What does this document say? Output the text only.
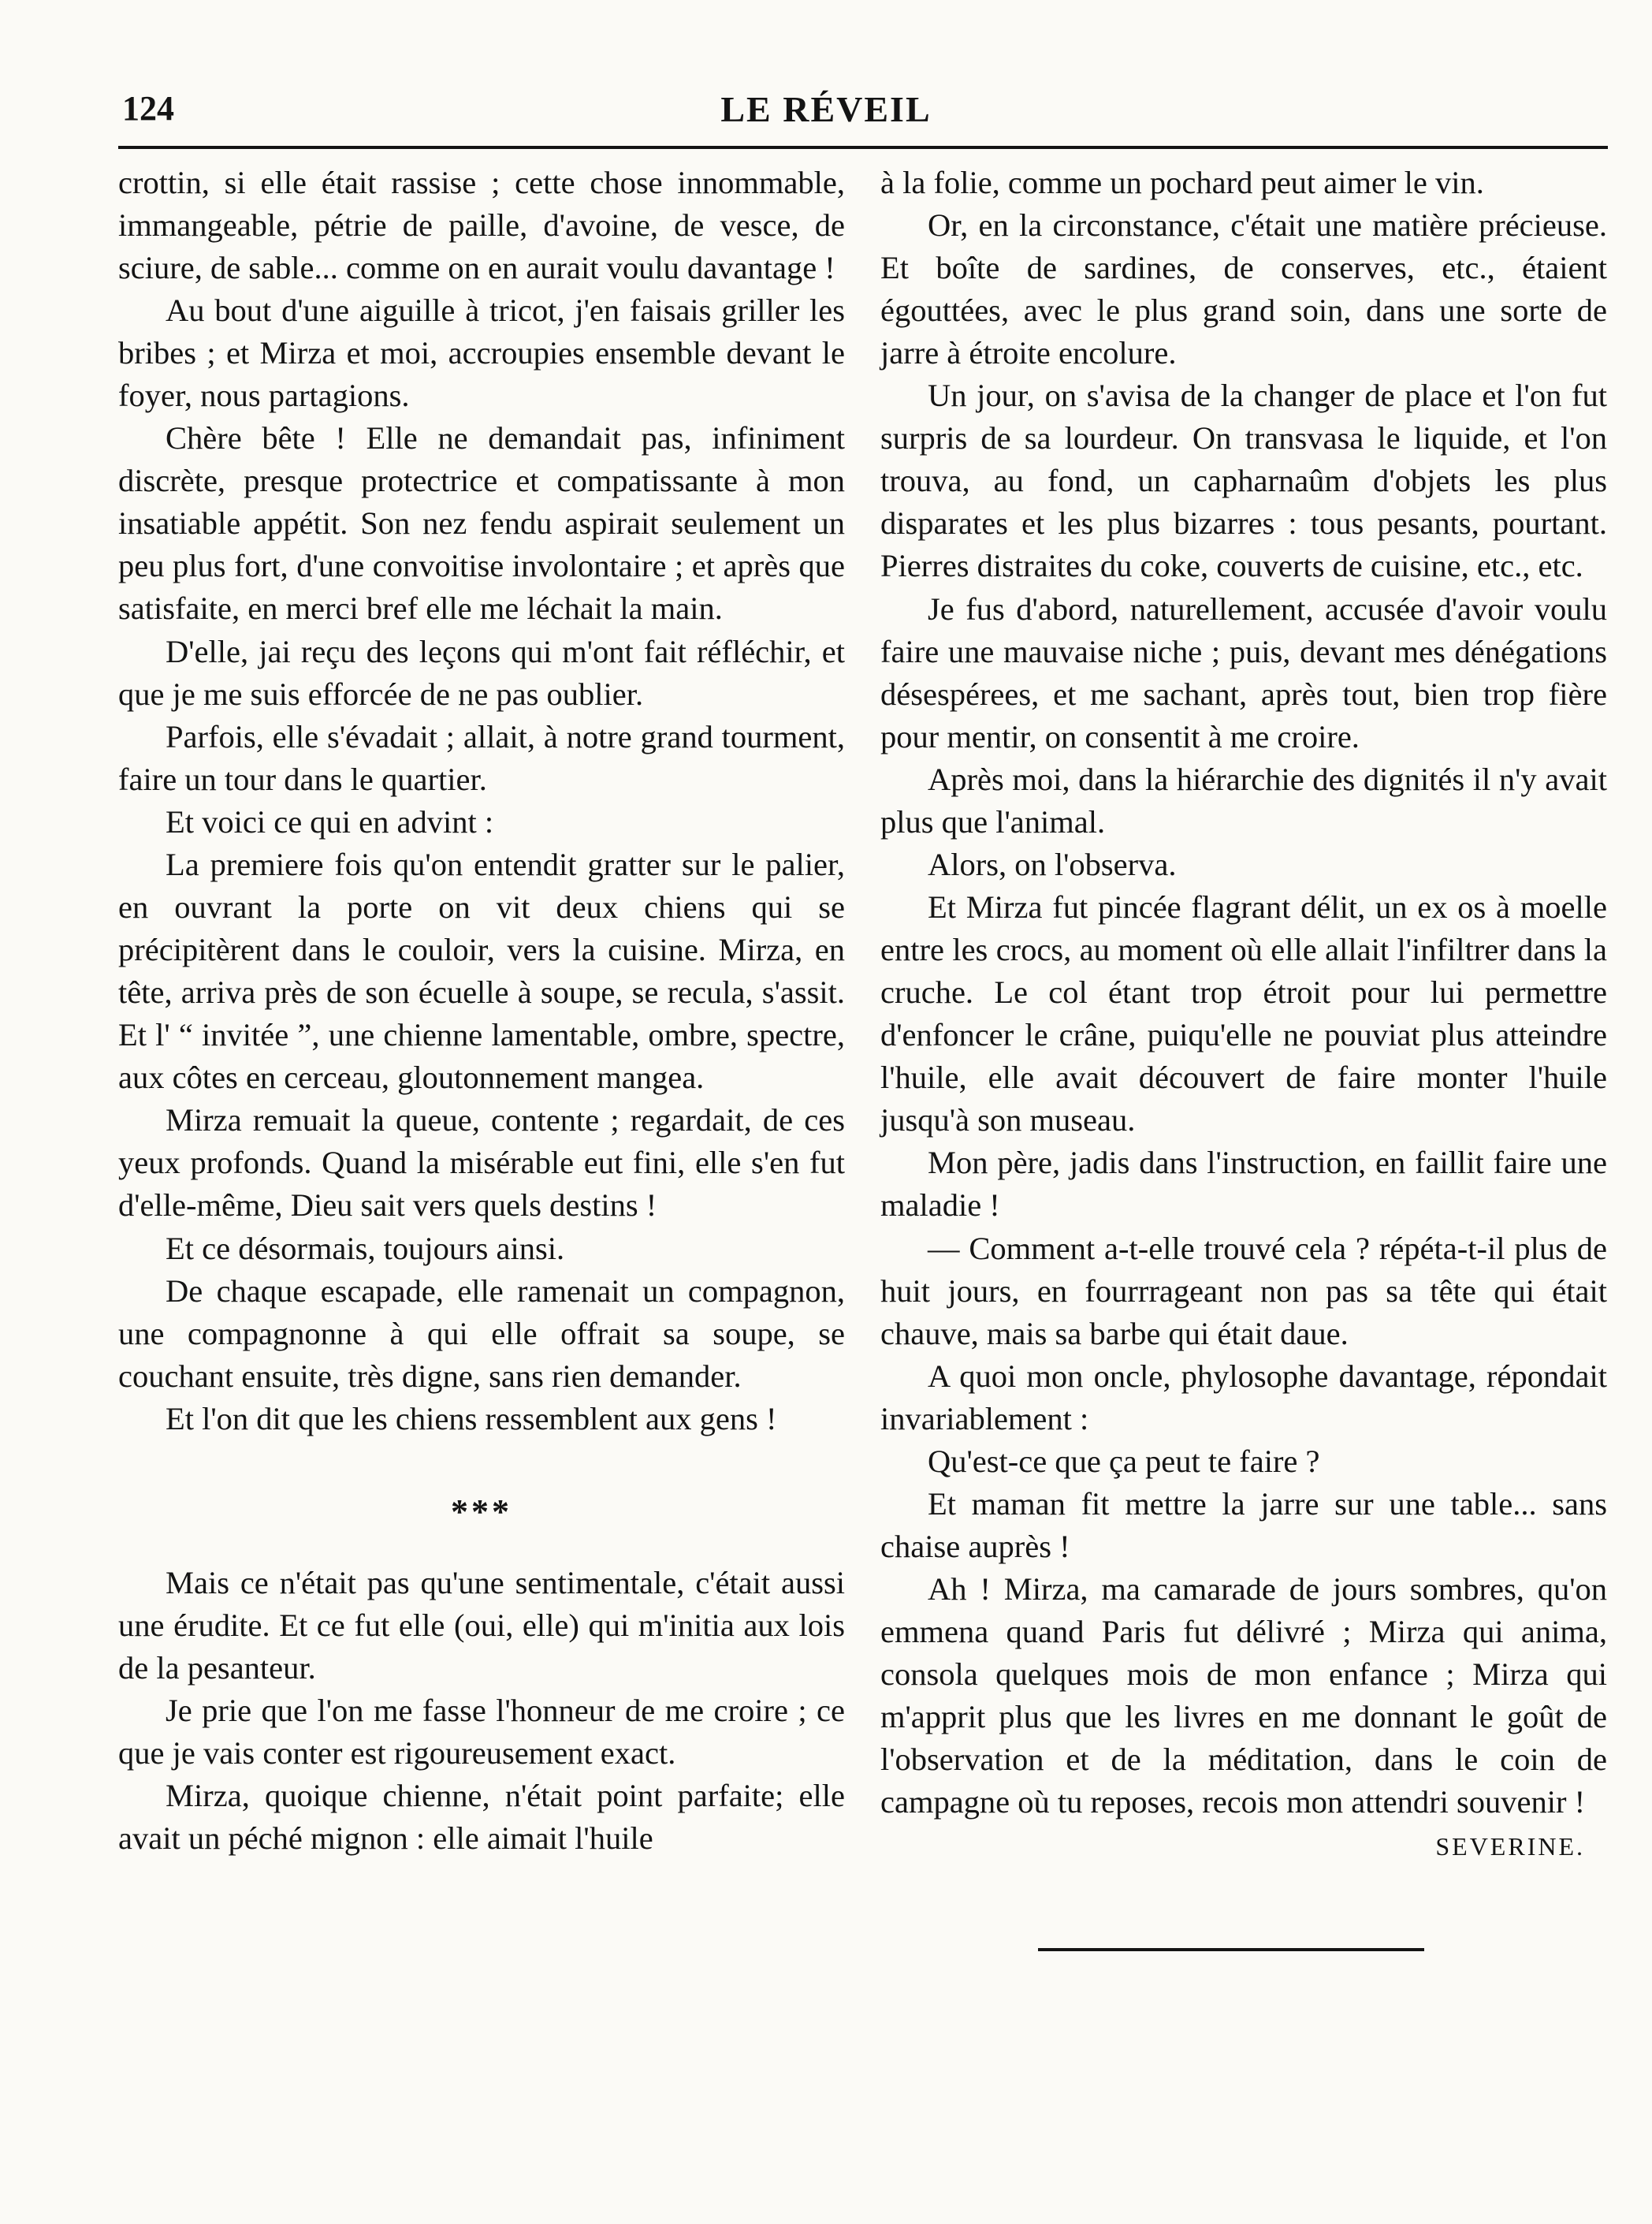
124	LE RÉVEIL

crottin, si elle était rassise ; cette chose innommable, immangeable, pétrie de paille, d'avoine, de vesce, de sciure, de sable... comme on en aurait voulu davantage !

Au bout d'une aiguille à tricot, j'en faisais griller les bribes ; et Mirza et moi, accroupies ensemble devant le foyer, nous partagions.

Chère bête ! Elle ne demandait pas, infiniment discrète, presque protectrice et compatissante à mon insatiable appétit. Son nez fendu aspirait seulement un peu plus fort, d'une convoitise involontaire ; et après que satisfaite, en merci bref elle me léchait la main.

D'elle, jai reçu des leçons qui m'ont fait réfléchir, et que je me suis efforcée de ne pas oublier.

Parfois, elle s'évadait ; allait, à notre grand tourment, faire un tour dans le quartier.

Et voici ce qui en advint :

La premiere fois qu'on entendit gratter sur le palier, en ouvrant la porte on vit deux chiens qui se précipitèrent dans le couloir, vers la cuisine. Mirza, en tête, arriva près de son écuelle à soupe, se recula, s'assit. Et l' “ invitée ”, une chienne lamentable, ombre, spectre, aux côtes en cerceau, gloutonnement mangea.

Mirza remuait la queue, contente ; regardait, de ces yeux profonds. Quand la misérable eut fini, elle s'en fut d'elle-même, Dieu sait vers quels destins !

Et ce désormais, toujours ainsi.

De chaque escapade, elle ramenait un compagnon, une compagnonne à qui elle offrait sa soupe, se couchant ensuite, très digne, sans rien demander.

Et l'on dit que les chiens ressemblent aux gens !

***

Mais ce n'était pas qu'une sentimentale, c'était aussi une érudite. Et ce fut elle (oui, elle) qui m'initia aux lois de la pesanteur.

Je prie que l'on me fasse l'honneur de me croire ; ce que je vais conter est rigoureusement exact.

Mirza, quoique chienne, n'était point parfaite; elle avait un péché mignon : elle aimait l'huile

à la folie, comme un pochard peut aimer le vin.

Or, en la circonstance, c'était une matière précieuse. Et boîte de sardines, de conserves, etc., étaient égouttées, avec le plus grand soin, dans une sorte de jarre à étroite encolure.

Un jour, on s'avisa de la changer de place et l'on fut surpris de sa lourdeur. On transvasa le liquide, et l'on trouva, au fond, un capharnaûm d'objets les plus disparates et les plus bizarres : tous pesants, pourtant. Pierres distraites du coke, couverts de cuisine, etc., etc.

Je fus d'abord, naturellement, accusée d'avoir voulu faire une mauvaise niche ; puis, devant mes dénégations désespérees, et me sachant, après tout, bien trop fière pour mentir, on consentit à me croire.

Après moi, dans la hiérarchie des dignités il n'y avait plus que l'animal.

Alors, on l'observa.

Et Mirza fut pincée flagrant délit, un ex os à moelle entre les crocs, au moment où elle allait l'infiltrer dans la cruche. Le col étant trop étroit pour lui permettre d'enfoncer le crâne, puiqu'elle ne pouviat plus atteindre l'huile, elle avait découvert de faire monter l'huile jusqu'à son museau.

Mon père, jadis dans l'instruction, en faillit faire une maladie !

— Comment a-t-elle trouvé cela ? répéta-t-il plus de huit jours, en fourrrageant non pas sa tête qui était chauve, mais sa barbe qui était daue.

A quoi mon oncle, phylosophe davantage, répondait invariablement :

Qu'est-ce que ça peut te faire ?

Et maman fit mettre la jarre sur une table... sans chaise auprès !

Ah ! Mirza, ma camarade de jours sombres, qu'on emmena quand Paris fut délivré ; Mirza qui anima, consola quelques mois de mon enfance ; Mirza qui m'apprit plus que les livres en me donnant le goût de l'observation et de la méditation, dans le coin de campagne où tu reposes, recois mon attendri souvenir !

SEVERINE.
